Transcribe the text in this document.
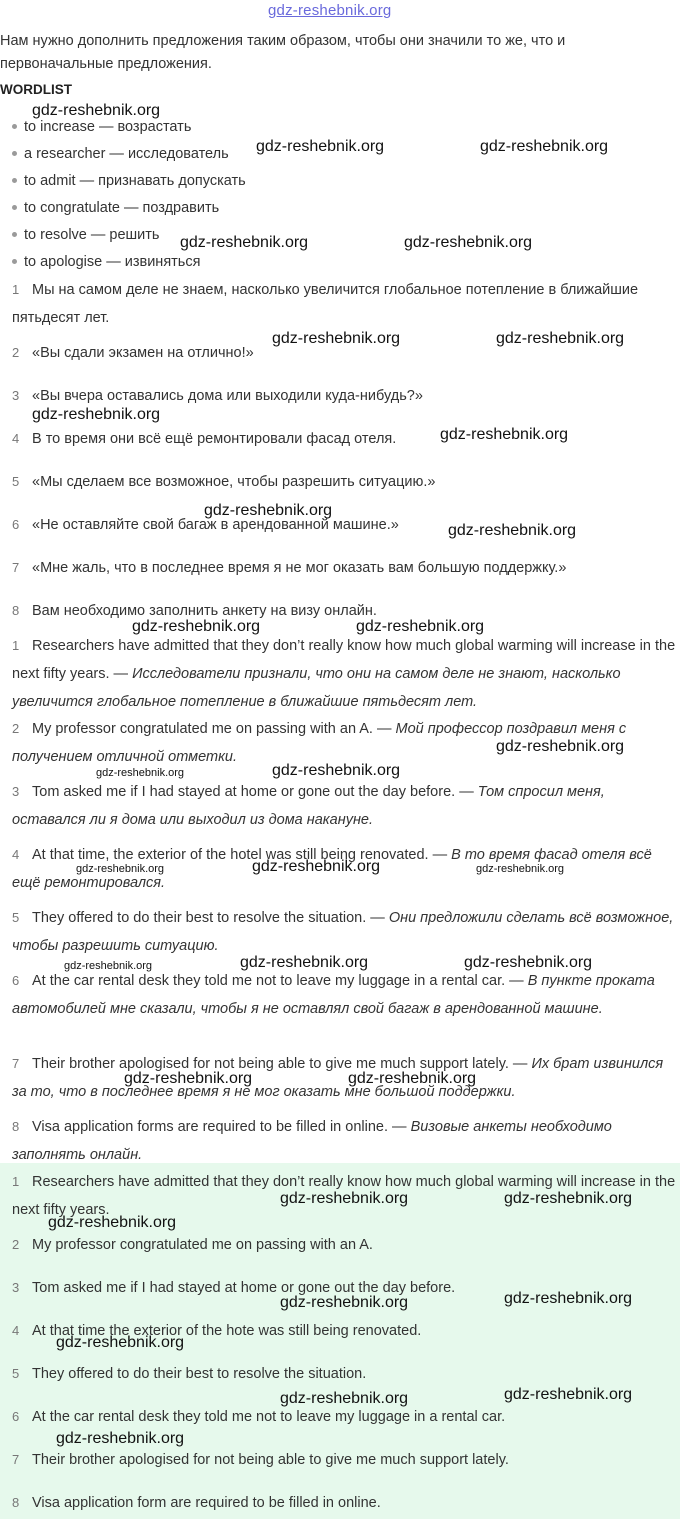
gdz-reshebnik.org
Нам нужно дополнить предложения таким образом, чтобы они значили то же, что и первоначальные предложения.
WORDLIST
to increase — возрастать
a researcher — исследователь
to admit — признавать допускать
to congratulate — поздравить
to resolve — решить
to apologise — извиняться
1 Мы на самом деле не знаем, насколько увеличится глобальное потепление в ближайшие пятьдесят лет.
2 «Вы сдали экзамен на отлично!»
3 «Вы вчера оставались дома или выходили куда-нибудь?»
4 В то время они всё ещё ремонтировали фасад отеля.
5 «Мы сделаем все возможное, чтобы разрешить ситуацию.»
6 «Не оставляйте свой багаж в арендованной машине.»
7 «Мне жаль, что в последнее время я не мог оказать вам большую поддержку.»
8 Вам необходимо заполнить анкету на визу онлайн.
1 Researchers have admitted that they don’t really know how much global warming will increase in the next fifty years. — Исследователи признали, что они на самом деле не знают, насколько увеличится глобальное потепление в ближайшие пятьдесят лет.
2 My professor congratulated me on passing with an A. — Мой профессор поздравил меня с получением отличной отметки.
3 Tom asked me if I had stayed at home or gone out the day before. — Том спросил меня, оставался ли я дома или выходил из дома накануне.
4 At that time, the exterior of the hotel was still being renovated. — В то время фасад отеля всё ещё ремонтировался.
5 They offered to do their best to resolve the situation. — Они предложили сделать всё возможное, чтобы разрешить ситуацию.
6 At the car rental desk they told me not to leave my luggage in a rental car. — В пункте проката автомобилей мне сказали, чтобы я не оставлял свой багаж в арендованной машине.
7 Their brother apologised for not being able to give me much support lately. — Их брат извинился за то, что в последнее время я не мог оказать мне большой поддержки.
8 Visa application forms are required to be filled in online. — Визовые анкеты необходимо заполнять онлайн.
1 Researchers have admitted that they don’t really know how much global warming will increase in the next fifty years.
2 My professor congratulated me on passing with an A.
3 Tom asked me if I had stayed at home or gone out the day before.
4 At that time the exterior of the hote was still being renovated.
5 They offered to do their best to resolve the situation.
6 At the car rental desk they told me not to leave my luggage in a rental car.
7 Their brother apologised for not being able to give me much support lately.
8 Visa application form are required to be filled in online.
gdz-reshebnik.org
gdz-reshebnik.org	gdz-reshebnik.org
gdz-reshebnik.org	gdz-reshebnik.org
gdz-reshebnik.org	gdz-reshebnik.org
gdz-reshebnik.org
gdz-reshebnik.org
gdz-reshebnik.org
gdz-reshebnik.org
gdz-reshebnik.org	gdz-reshebnik.org
gdz-reshebnik.org
gdz-reshebnik.org	gdz-reshebnik.org
gdz-reshebnik.org	gdz-reshebnik.org	gdz-reshebnik.org
gdz-reshebnik.org	gdz-reshebnik.org	gdz-reshebnik.org
gdz-reshebnik.org	gdz-reshebnik.org
gdz-reshebnik.org	gdz-reshebnik.org
gdz-reshebnik.org
gdz-reshebnik.org
gdz-reshebnik.org
gdz-reshebnik.org
gdz-reshebnik.org	gdz-reshebnik.org
gdz-reshebnik.org
